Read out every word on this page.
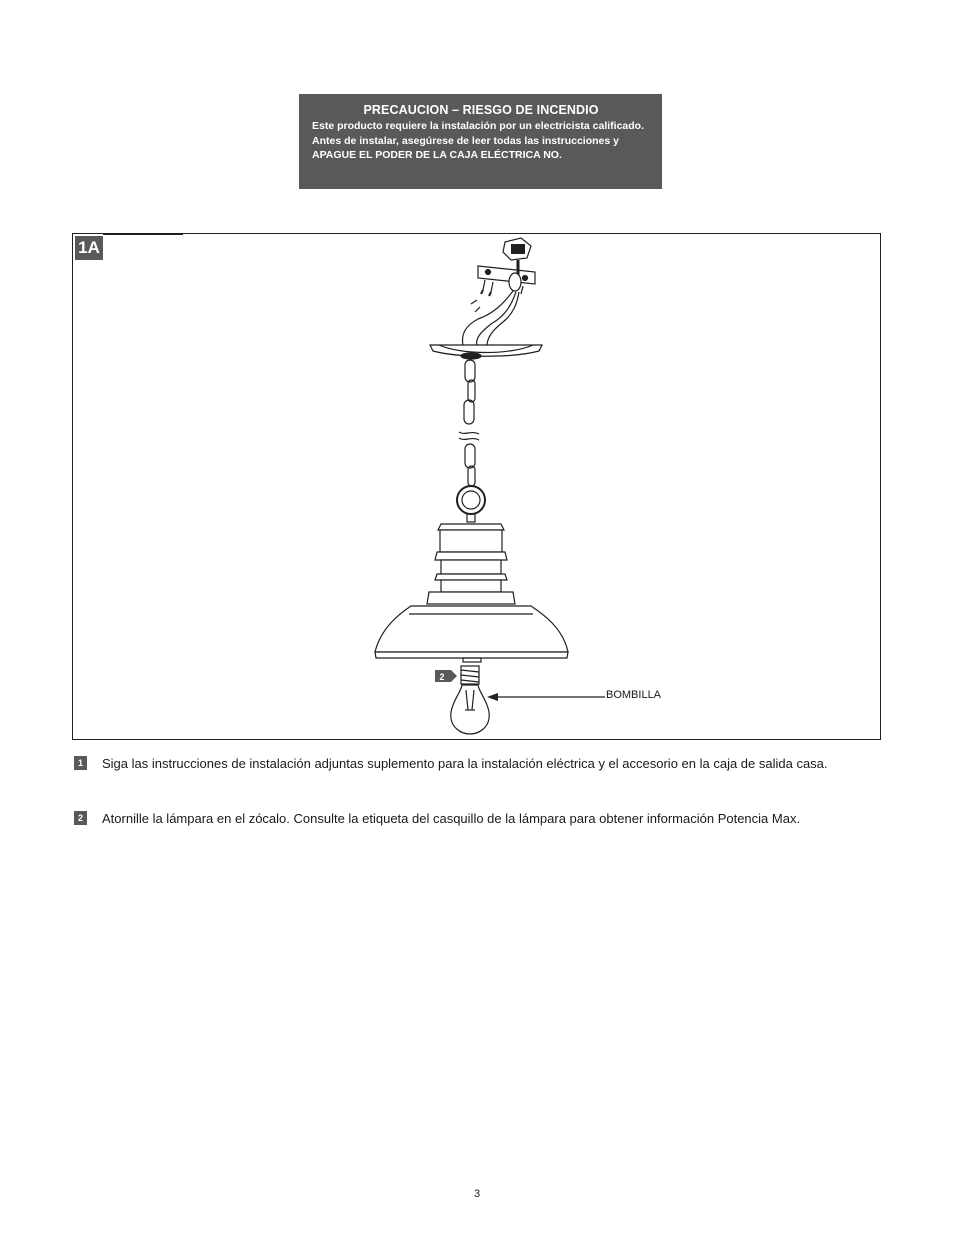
PRECAUCION – RIESGO DE INCENDIO

Este producto requiere la instalación por un electricista calificado. Antes de instalar, asegúrese de leer todas las instrucciones y APAGUE EL PODER DE LA CAJA ELÉCTRICA NO.

1A
2
BOMBILLA
1	Siga las instrucciones de instalación adjuntas suplemento para la instalación eléctrica y el accesorio en la caja de salida casa.
2	Atornille la lámpara en el zócalo. Consulte la etiqueta del casquillo de la lámpara para obtener información Potencia Max.
3
